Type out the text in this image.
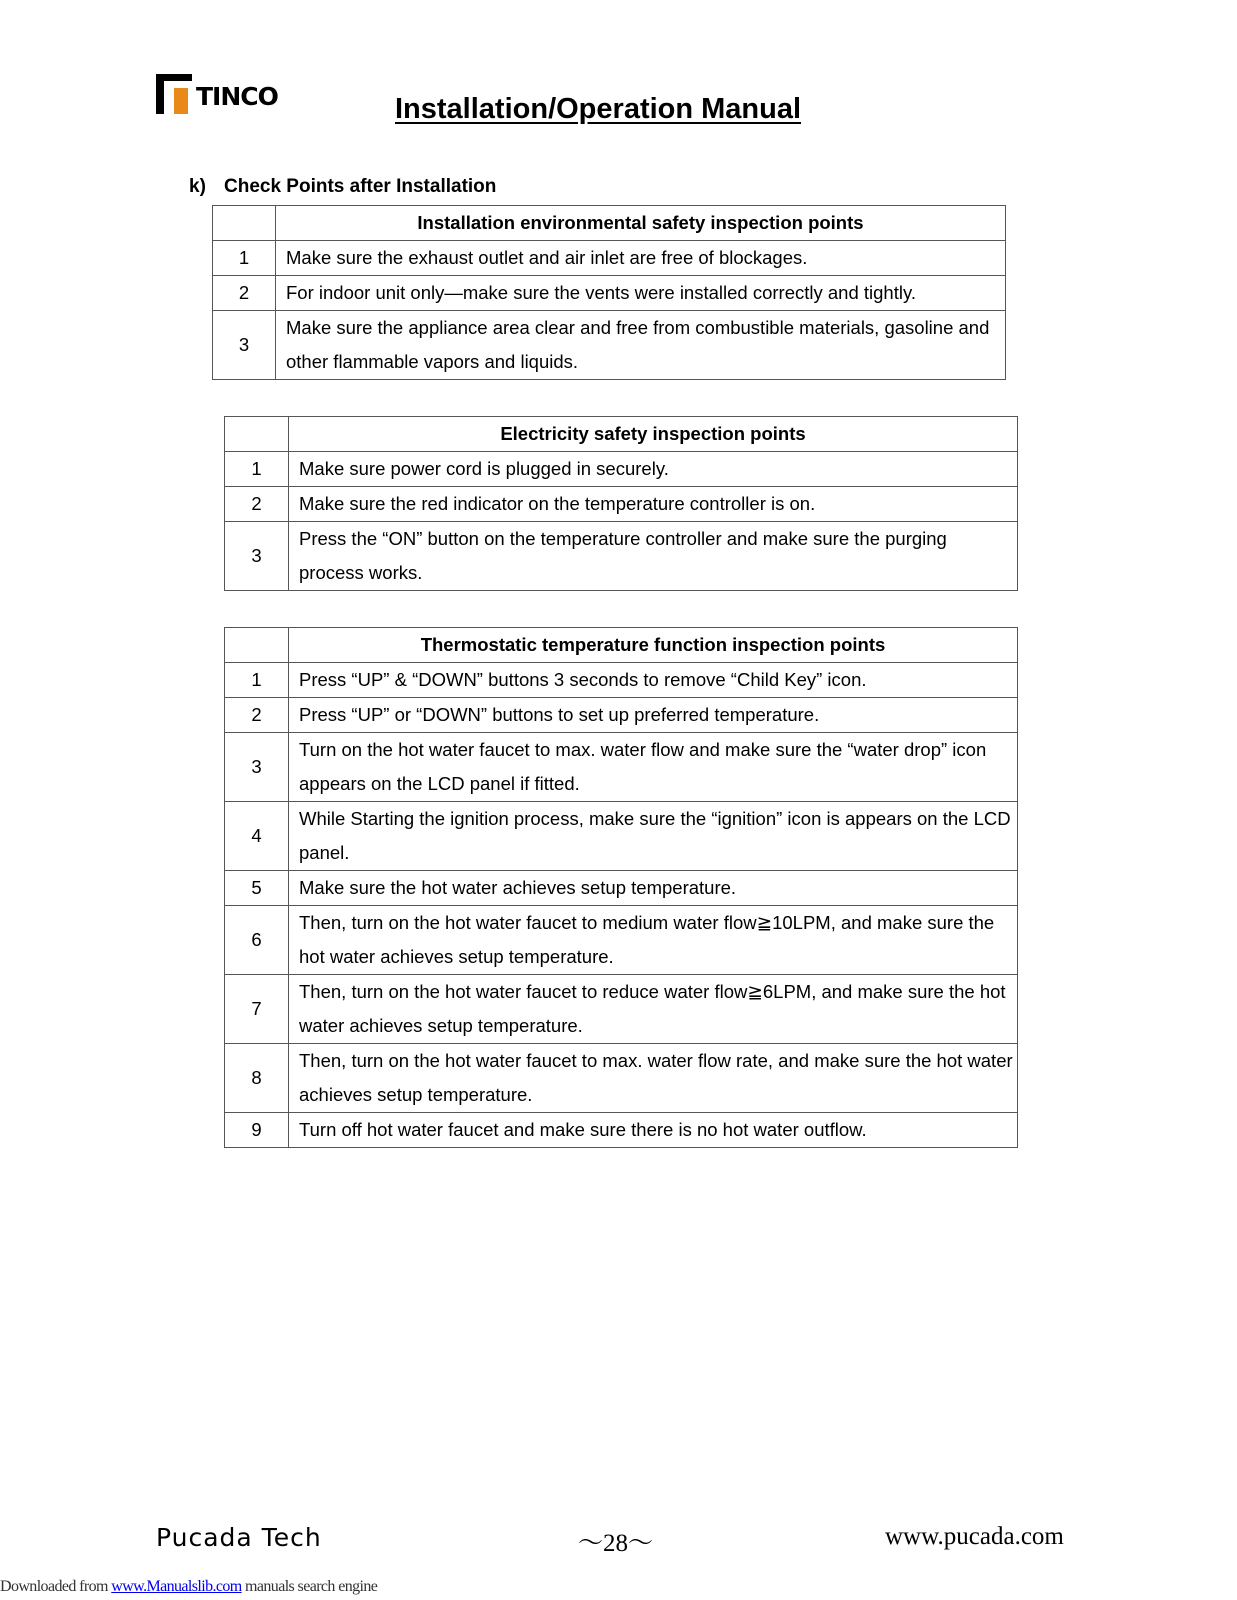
TINCO	Installation/Operation Manual
k) Check Points after Installation
	Installation environmental safety inspection points
1	Make sure the exhaust outlet and air inlet are free of blockages.
2	For indoor unit only—make sure the vents were installed correctly and tightly.
3	Make sure the appliance area clear and free from combustible materials, gasoline and other flammable vapors and liquids.
	Electricity safety inspection points
1	Make sure power cord is plugged in securely.
2	Make sure the red indicator on the temperature controller is on.
3	Press the “ON” button on the temperature controller and make sure the purging process works.
	Thermostatic temperature function inspection points
1	Press “UP” & “DOWN” buttons 3 seconds to remove “Child Key” icon.
2	Press “UP” or “DOWN” buttons to set up preferred temperature.
3	Turn on the hot water faucet to max. water flow and make sure the “water drop” icon appears on the LCD panel if fitted.
4	While Starting the ignition process, make sure the “ignition” icon is appears on the LCD panel.
5	Make sure the hot water achieves setup temperature.
6	Then, turn on the hot water faucet to medium water flow≧10LPM, and make sure the hot water achieves setup temperature.
7	Then, turn on the hot water faucet to reduce water flow≧6LPM, and make sure the hot water achieves setup temperature.
8	Then, turn on the hot water faucet to max. water flow rate, and make sure the hot water achieves setup temperature.
9	Turn off hot water faucet and make sure there is no hot water outflow.
Pucada Tech	～28～	www.pucada.com
Downloaded from www.Manualslib.com manuals search engine
